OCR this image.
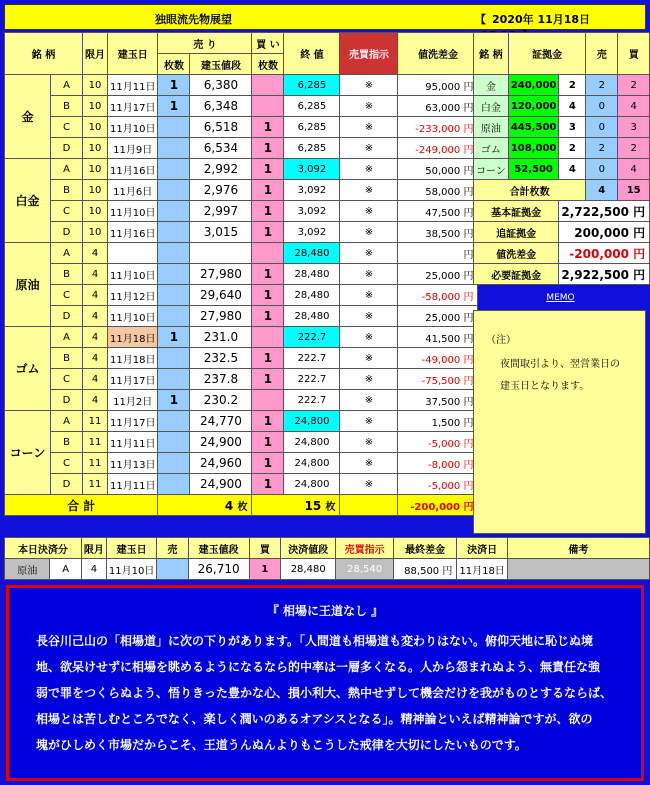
独眼流先物展望	【 2020年 11月18日
銘 柄		限月	建玉日	売 り		買 い	終 値	売買指示	値洗差金
				枚数	建玉値段	枚数			
金	A	10	11月11日	1	6,380		6,285	※	95,000 円
	B	10	11月17日	1	6,348		6,285	※	63,000 円
	C	10	11月10日		6,518	1	6,285	※	-233,000 円
	D	10	11月9日		6,534	1	6,285	※	-249,000 円
白金	A	10	11月16日		2,992	1	3,092	※	50,000 円
	B	10	11月6日		2,976	1	3,092	※	58,000 円
	C	10	11月10日		2,997	1	3,092	※	47,500 円
	D	10	11月16日		3,015	1	3,092	※	38,500 円
原油	A	4					28,480	※	円
	B	4	11月10日		27,980	1	28,480	※	25,000 円
	C	4	11月12日		29,640	1	28,480	※	-58,000 円
	D	4	11月10日		27,980	1	28,480	※	25,000 円
ゴム	A	4	11月18日	1	231.0		222.7	※	41,500 円
	B	4	11月18日		232.5	1	222.7	※	-49,000 円
	C	4	11月17日		237.8	1	222.7	※	-75,500 円
	D	4	11月2日	1	230.2		222.7	※	37,500 円
コーン	A	11	11月17日		24,770	1	24,800	※	1,500 円
	B	11	11月11日		24,900	1	24,800	※	-5,000 円
	C	11	11月13日		24,960	1	24,800	※	-8,000 円
	D	11	11月11日		24,900	1	24,800	※	-5,000 円
合 計				4 枚		15 枚			-200,000 円
銘 柄	証拠金		売	買
金	240,000	2	2	2
白金	120,000	4	0	4
原油	445,500	3	0	3
ゴム	108,000	2	2	2
コーン	52,500	4	0	4
合計枚数			4	15
基本証拠金		2,722,500 円		
追証拠金		200,000 円		
値洗差金		-200,000 円		
必要証拠金		2,922,500 円		
MEMO

（注）

夜間取引より、翌営業日の

建玉日となります。

本日決済分		限月	建玉日	売	建玉値段	買	決済値段	売買指示	最終差金	決済日	備考
原油	A	4	11月10日		26,710	1	28,480	28,540	88,500 円	11月18日	
『 相場に王道なし 』
長谷川己山の「相場道」に次の下りがあります。「人間道も相場道も変わりはない。俯仰天地に恥じぬ境
地、欲呆けせずに相場を眺めるようになるなら的中率は一層多くなる。人から怨まれぬよう、無責任な強
弱で罪をつくらぬよう、悟りきった豊かな心、損小利大、熱中せずして機会だけを我がものとするならば、
相場とは苦しむところでなく、楽しく潤いのあるオアシスとなる」。精神論といえば精神論ですが、欲の
塊がひしめく市場だからこそ、王道うんぬんよりもこうした戒律を大切にしたいものです。
